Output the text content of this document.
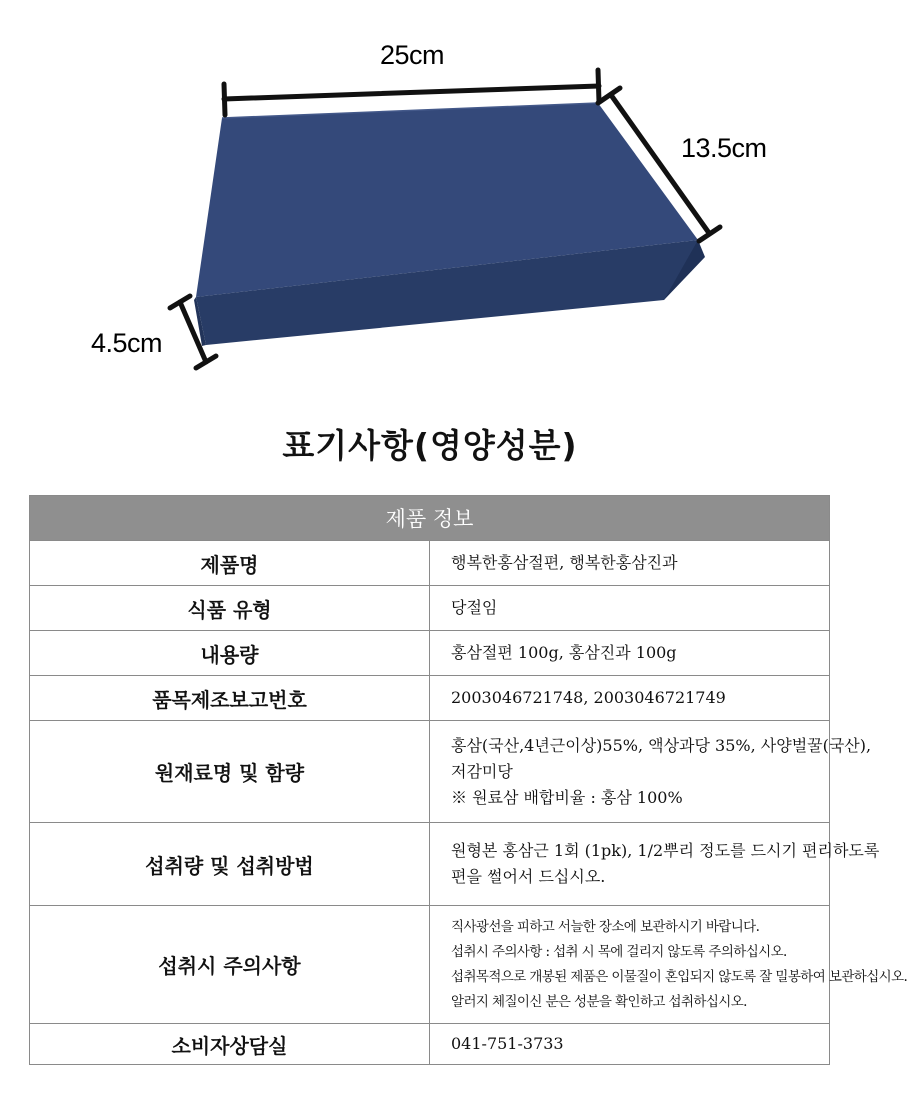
25cm
13.5cm
4.5cm
표기사항(영양성분)
제품 정보	
제품명	행복한홍삼절편, 행복한홍삼진과

식품 유형	당절임

내용량	홍삼절편 100g, 홍삼진과 100g

품목제조보고번호	2003046721748, 2003046721749

원재료명 및 함량	홍삼(국산,4년근이상)55%, 액상과당 35%, 사양벌꿀(국산),
저감미당
※ 원료삼 배합비율 : 홍삼 100%

섭취량 및 섭취방법	원형본 홍삼근 1회 (1pk), 1/2뿌리 정도를 드시기 편리하도록
편을 썰어서 드십시오.

섭취시 주의사항	직사광선을 피하고 서늘한 장소에 보관하시기 바랍니다.
섭취시 주의사항 : 섭취 시 목에 걸리지 않도록 주의하십시오.
섭취목적으로 개봉된 제품은 이물질이 혼입되지 않도록 잘 밀봉하여 보관하십시오.
알러지 체질이신 분은 성분을 확인하고 섭취하십시오.

소비자상담실	041-751-3733
